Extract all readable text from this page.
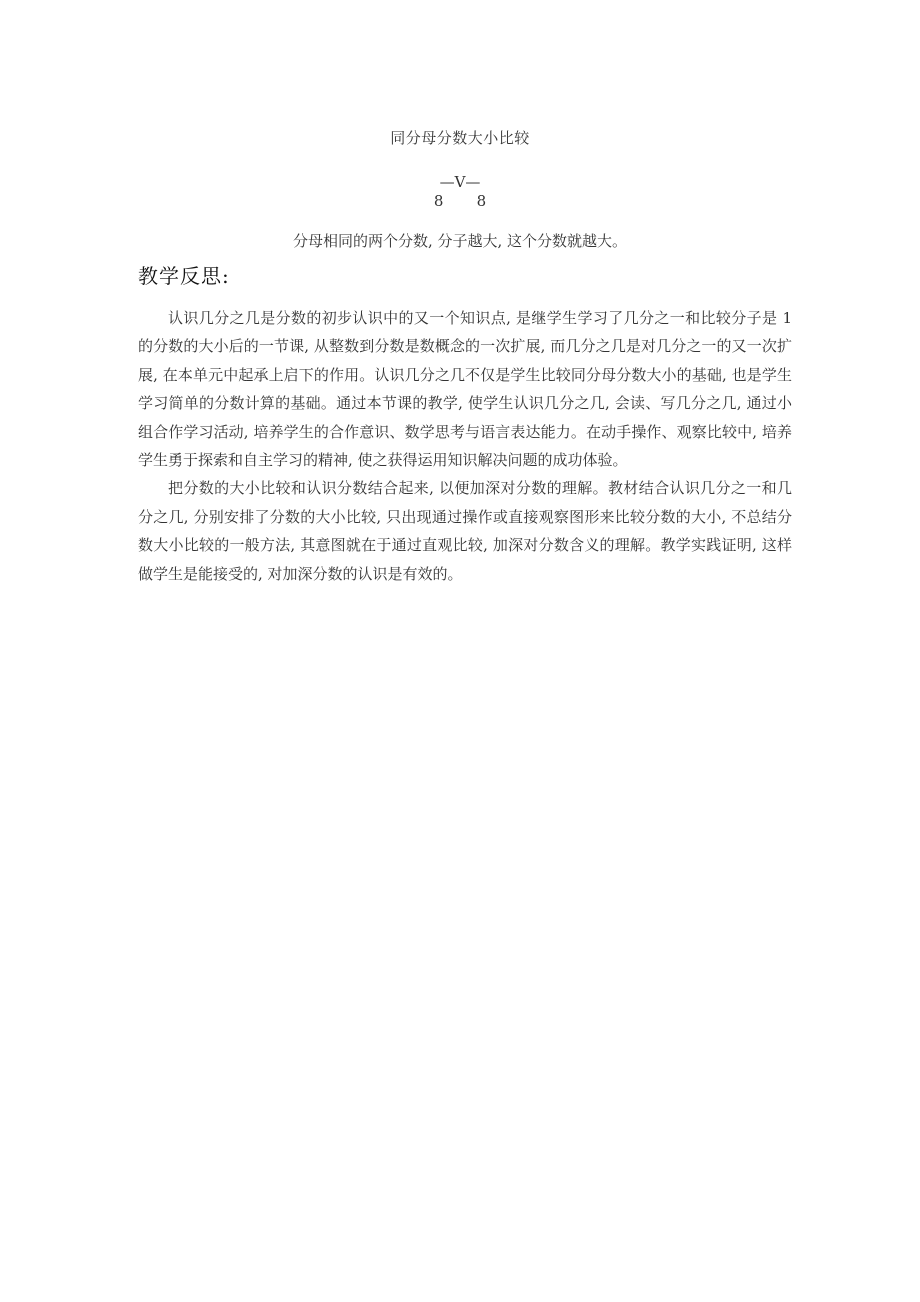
同分母分数大小比较
—V—
8 8
分母相同的两个分数, 分子越大, 这个分数就越大。
教学反思:

认识几分之几是分数的初步认识中的又一个知识点, 是继学生学习了几分之一和比较分子是 1 的分数的大小后的一节课, 从整数到分数是数概念的一次扩展, 而几分之几是对几分之一的又一次扩展, 在本单元中起承上启下的作用。认识几分之几不仅是学生比较同分母分数大小的基础, 也是学生学习简单的分数计算的基础。通过本节课的教学, 使学生认识几分之几, 会读、写几分之几, 通过小组合作学习活动, 培养学生的合作意识、数学思考与语言表达能力。在动手操作、观察比较中, 培养学生勇于探索和自主学习的精神, 使之获得运用知识解决问题的成功体验。

把分数的大小比较和认识分数结合起来, 以便加深对分数的理解。教材结合认识几分之一和几分之几, 分别安排了分数的大小比较, 只出现通过操作或直接观察图形来比较分数的大小, 不总结分数大小比较的一般方法, 其意图就在于通过直观比较, 加深对分数含义的理解。教学实践证明, 这样做学生是能接受的, 对加深分数的认识是有效的。
